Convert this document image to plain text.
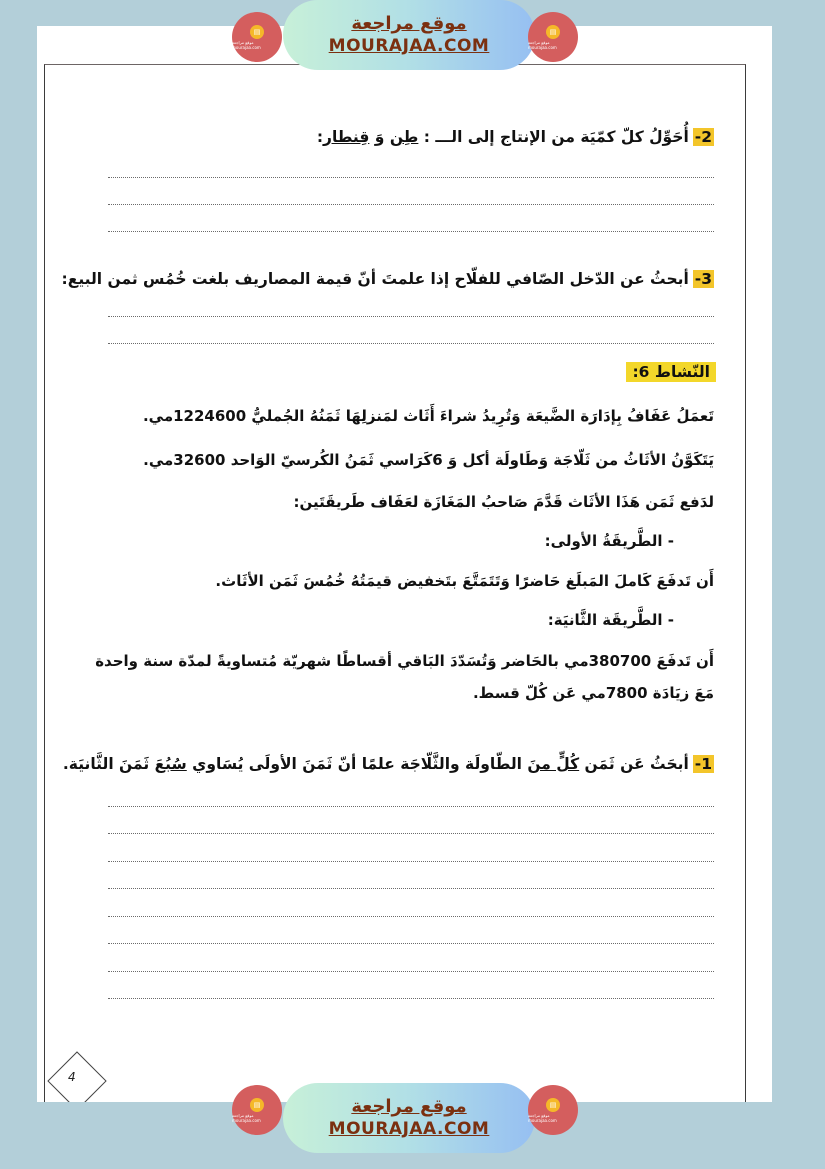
▤
موقع مراجعة mourajaa.com
موقع مراجعة
MOURAJAA.COM
▤
موقع مراجعة mourajaa.com
2-أُحَوِّلُ كلّ كمّيَة من الإنتاج إلى الـــ : طِن وَ قِنطار:
3-أبحثُ عن الدّخل الصّافي للفلّاح إذا علمتَ أنّ قيمة المصاريف بلغت خُمُس ثمن البيع:
النّشاط 6:
تَعمَلُ عَفَافُ بِإدَارَة الضَّيعَة وَتُرِيدُ شراءَ أَثَاث لمَنزلِهَا ثَمَنُهُ الجُمليُّ 1224600مي.
يَتَكَوَّنُ الأثَاثُ من ثَلّاجَة وَطَاولَة أكل وَ 6كَرَاسي ثَمَنُ الكُرسيّ الوَاحد 32600مي.
لدَفع ثَمَن هَذَا الأثَاث قَدَّمَ صَاحبُ المَغَازَة لعَفَاف طَريقَتَين:
- الطَّريقَةُ الأولى:
أَن تَدفَعَ كَاملَ المَبلَغ حَاضرًا وَتَتَمَتَّعَ بتَخفيض قيمَتُهُ خُمُسَ ثَمَن الأثَاث.
- الطَّريقَة الثَّانيَة:
أَن تَدفَعَ 380700مي بالحَاضر وَتُسَدّدَ البَاقي أقساطًا شهريّة مُتساويةً لمدّة سنة واحدة
مَعَ زيَادَة 7800مي عَن كُلّ قسط.
1-أبحَثُ عَن ثَمَن كُلٍّ منَ الطّاولَة والثَّلّاجَة علمًا أنّ ثَمَنَ الأولَى يُسَاوي سُبُعَ ثَمَنَ الثَّانيَة.
4
▤
موقع مراجعة mourajaa.com
موقع مراجعة
MOURAJAA.COM
▤
موقع مراجعة mourajaa.com
